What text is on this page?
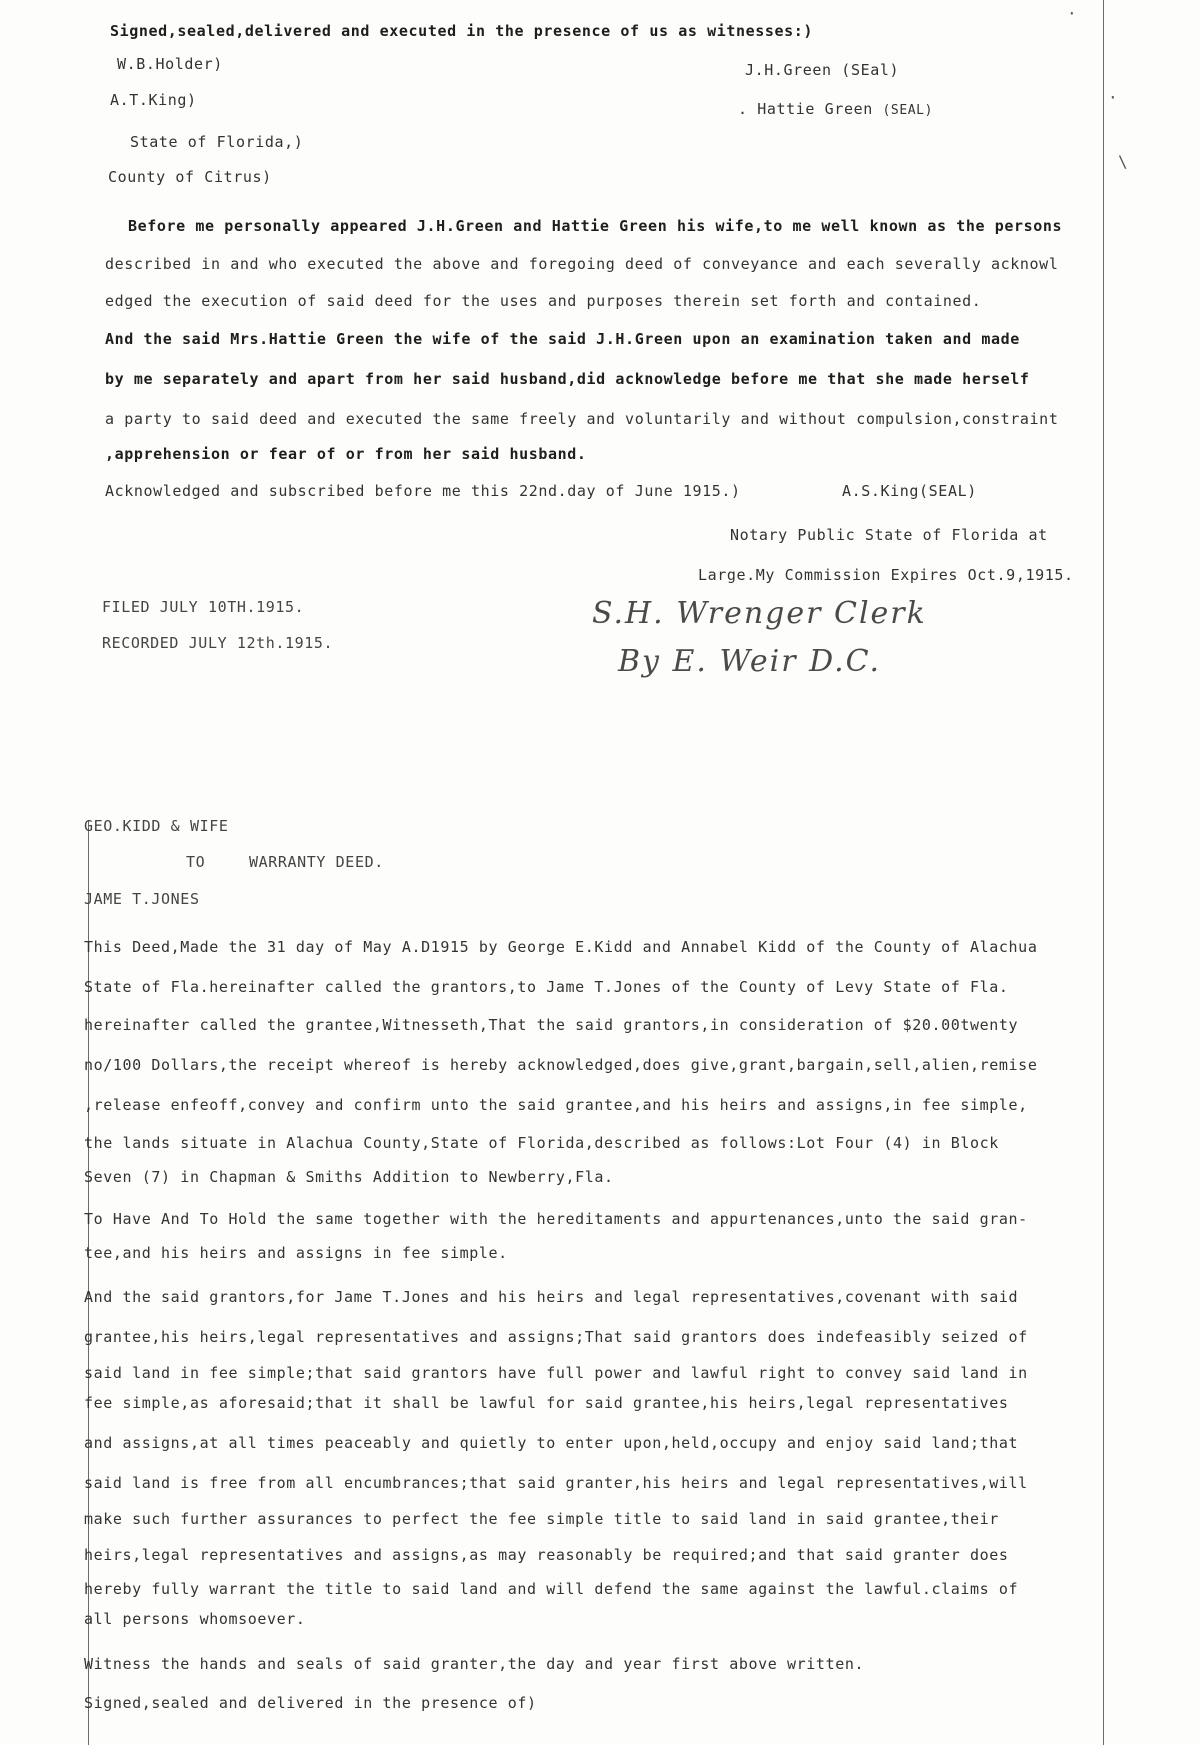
·
\
·
Signed,sealed,delivered and executed in the presence of us as witnesses:)
W.B.Holder)	J.H.Green (SEal)
A.T.King)	. Hattie Green (SEAL)
State of Florida,)
County of Citrus)
Before me personally appeared J.H.Green and Hattie Green his wife,to me well known as the persons
described in and who executed the above and foregoing deed of conveyance and each severally acknowl
edged the execution of said deed for the uses and purposes therein set forth and contained.
And the said Mrs.Hattie Green the wife of the said J.H.Green upon an examination taken and made
by me separately and apart from her said husband,did acknowledge before me that she made herself
a party to said deed and executed the same freely and voluntarily and without compulsion,constraint
,apprehension or fear of or from her said husband.
Acknowledged and subscribed before me this 22nd.day of June 1915.)	A.S.King(SEAL)
Notary Public State of Florida at
Large.My Commission Expires Oct.9,1915.
FILED JULY 10TH.1915.
RECORDED JULY 12th.1915.
S.H. Wrenger Clerk
By E. Weir D.C.
GEO.KIDD & WIFE
TO	WARRANTY DEED.
JAME T.JONES
This Deed,Made the 31 day of May A.D1915 by George E.Kidd and Annabel Kidd of the County of Alachua
State of Fla.hereinafter called the grantors,to Jame T.Jones of the County of Levy State of Fla.
hereinafter called the grantee,Witnesseth,That the said grantors,in consideration of $20.00twenty
no/100 Dollars,the receipt whereof is hereby acknowledged,does give,grant,bargain,sell,alien,remise
,release enfeoff,convey and confirm unto the said grantee,and his heirs and assigns,in fee simple,
the lands situate in Alachua County,State of Florida,described as follows:Lot Four (4) in Block
Seven (7) in Chapman & Smiths Addition to Newberry,Fla.
To Have And To Hold the same together with the hereditaments and appurtenances,unto the said gran-
tee,and his heirs and assigns in fee simple.
And the said grantors,for Jame T.Jones and his heirs and legal representatives,covenant with said
grantee,his heirs,legal representatives and assigns;That said grantors does indefeasibly seized of
said land in fee simple;that said grantors have full power and lawful right to convey said land in
fee simple,as aforesaid;that it shall be lawful for said grantee,his heirs,legal representatives
and assigns,at all times peaceably and quietly to enter upon,held,occupy and enjoy said land;that
said land is free from all encumbrances;that said granter,his heirs and legal representatives,will
make such further assurances to perfect the fee simple title to said land in said grantee,their
heirs,legal representatives and assigns,as may reasonably be required;and that said granter does
hereby fully warrant the title to said land and will defend the same against the lawful.claims of
all persons whomsoever.
Witness the hands and seals of said granter,the day and year first above written.
Signed,sealed and delivered in the presence of)
